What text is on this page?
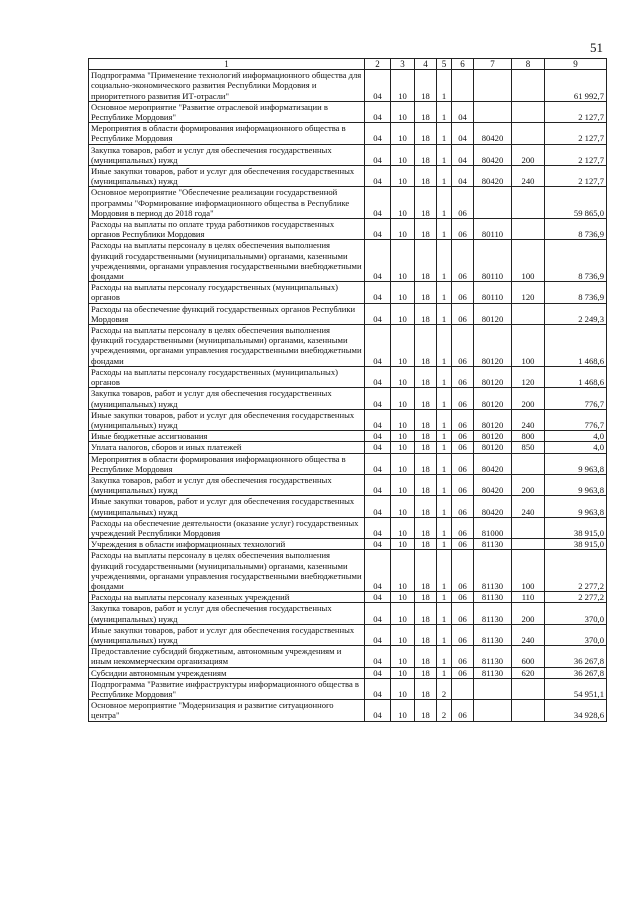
51
1	2	3	4	5	6	7	8	9
Подпрограмма "Применение технологий информационного общества для социально-экономического развития Республики Мордовия и приоритетного развития ИТ-отрасли"	04	10	18	1				61 992,7
Основное мероприятие "Развитие отраслевой информатизации в Республике Мордовия"	04	10	18	1	04			2 127,7
Мероприятия в области формирования информационного общества в Республике Мордовия	04	10	18	1	04	80420		2 127,7
Закупка товаров, работ и услуг для обеспечения государственных (муниципальных) нужд	04	10	18	1	04	80420	200	2 127,7
Иные закупки товаров, работ и услуг для обеспечения государственных (муниципальных) нужд	04	10	18	1	04	80420	240	2 127,7
Основное мероприятие "Обеспечение реализации государственной программы "Формирование информационного общества в Республике Мордовия в период до 2018 года"	04	10	18	1	06			59 865,0
Расходы на выплаты по оплате труда работников государственных органов Республики Мордовия	04	10	18	1	06	80110		8 736,9
Расходы на выплаты персоналу в целях обеспечения выполнения функций государственными (муниципальными) органами, казенными учреждениями, органами управления государственными внебюджетными фондами	04	10	18	1	06	80110	100	8 736,9
Расходы на выплаты персоналу государственных (муниципальных) органов	04	10	18	1	06	80110	120	8 736,9
Расходы на обеспечение функций государственных органов Республики Мордовия	04	10	18	1	06	80120		2 249,3
Расходы на выплаты персоналу в целях обеспечения выполнения функций государственными (муниципальными) органами, казенными учреждениями, органами управления государственными внебюджетными фондами	04	10	18	1	06	80120	100	1 468,6
Расходы на выплаты персоналу государственных (муниципальных) органов	04	10	18	1	06	80120	120	1 468,6
Закупка товаров, работ и услуг для обеспечения государственных (муниципальных) нужд	04	10	18	1	06	80120	200	776,7
Иные закупки товаров, работ и услуг для обеспечения государственных (муниципальных) нужд	04	10	18	1	06	80120	240	776,7
Иные бюджетные ассигнования	04	10	18	1	06	80120	800	4,0
Уплата налогов, сборов и иных платежей	04	10	18	1	06	80120	850	4,0
Мероприятия в области формирования информационного общества в Республике Мордовия	04	10	18	1	06	80420		9 963,8
Закупка товаров, работ и услуг для обеспечения государственных (муниципальных) нужд	04	10	18	1	06	80420	200	9 963,8
Иные закупки товаров, работ и услуг для обеспечения государственных (муниципальных) нужд	04	10	18	1	06	80420	240	9 963,8
Расходы на обеспечение деятельности (оказание услуг) государственных учреждений Республики Мордовия	04	10	18	1	06	81000		38 915,0
Учреждения в области информационных технологий	04	10	18	1	06	81130		38 915,0
Расходы на выплаты персоналу в целях обеспечения выполнения функций государственными (муниципальными) органами, казенными учреждениями, органами управления государственными внебюджетными фондами	04	10	18	1	06	81130	100	2 277,2
Расходы на выплаты персоналу казенных учреждений	04	10	18	1	06	81130	110	2 277,2
Закупка товаров, работ и услуг для обеспечения государственных (муниципальных) нужд	04	10	18	1	06	81130	200	370,0
Иные закупки товаров, работ и услуг для обеспечения государственных (муниципальных) нужд	04	10	18	1	06	81130	240	370,0
Предоставление субсидий бюджетным, автономным учреждениям и иным некоммерческим организациям	04	10	18	1	06	81130	600	36 267,8
Субсидии автономным учреждениям	04	10	18	1	06	81130	620	36 267,8
Подпрограмма "Развитие инфраструктуры информационного общества в Республике Мордовия"	04	10	18	2				54 951,1
Основное мероприятие "Модернизация и развитие ситуационного центра"	04	10	18	2	06			34 928,6
